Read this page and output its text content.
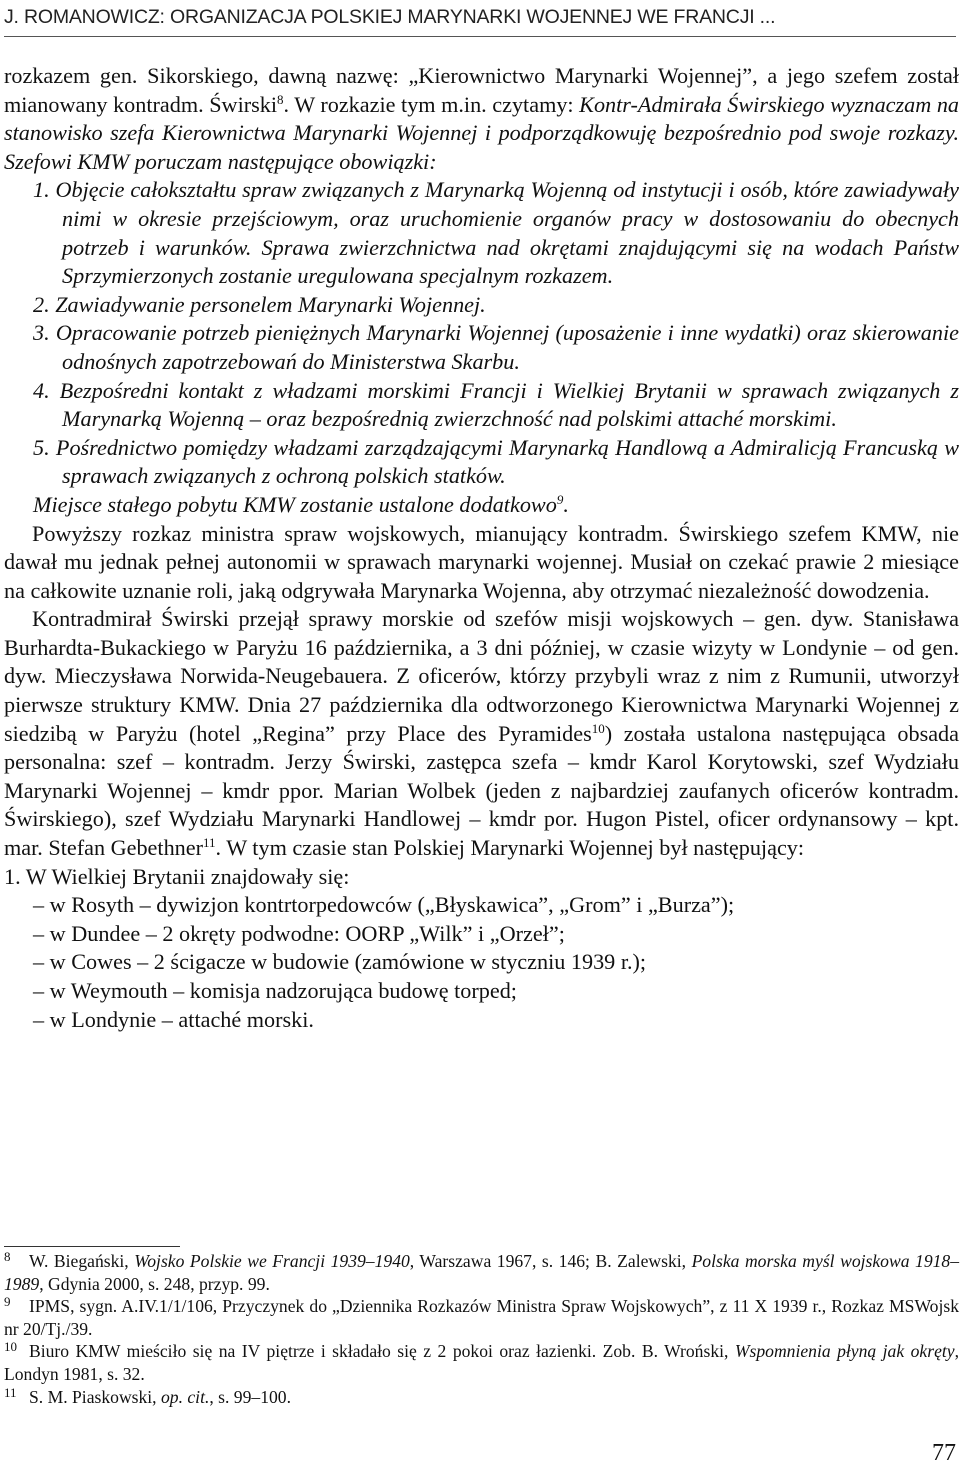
J. ROMANOWICZ: ORGANIZACJA POLSKIEJ MARYNARKI WOJENNEJ WE FRANCJI ...

rozkazem gen. Sikorskiego, dawną nazwę: „Kierownictwo Marynarki Wojennej”, a jego szefem został mianowany kontradm. Świrski$^8$. W rozkazie tym m.in. czytamy: Kontr-Admirała Świrskiego wyznaczam na stanowisko szefa Kierownictwa Marynarki Wojennej i podporządkowuję bezpośrednio pod swoje rozkazy. Szefowi KMW poruczam następujące obowiązki:

1. Objęcie całokształtu spraw związanych z Marynarką Wojenną od instytucji i osób, które zawiadywały nimi w okresie przejściowym, oraz uruchomienie organów pracy w dostosowaniu do obecnych potrzeb i warunków. Sprawa zwierzchnictwa nad okrętami znajdującymi się na wodach Państw Sprzymierzonych zostanie uregulowana specjalnym rozkazem.

2. Zawiadywanie personelem Marynarki Wojennej.

3. Opracowanie potrzeb pieniężnych Marynarki Wojennej (uposażenie i inne wydatki) oraz skierowanie odnośnych zapotrzebowań do Ministerstwa Skarbu.

4. Bezpośredni kontakt z władzami morskimi Francji i Wielkiej Brytanii w sprawach związanych z Marynarką Wojenną – oraz bezpośrednią zwierzchność nad polskimi attaché morskimi.

5. Pośrednictwo pomiędzy władzami zarządzającymi Marynarką Handlową a Admiralicją Francuską w sprawach związanych z ochroną polskich statków.

Miejsce stałego pobytu KMW zostanie ustalone dodatkowo$^9$.

Powyższy rozkaz ministra spraw wojskowych, mianujący kontradm. Świrskiego szefem KMW, nie dawał mu jednak pełnej autonomii w sprawach marynarki wojennej. Musiał on czekać prawie 2 miesiące na całkowite uznanie roli, jaką odgrywała Marynarka Wojenna, aby otrzymać niezależność dowodzenia.

Kontradmirał Świrski przejął sprawy morskie od szefów misji wojskowych – gen. dyw. Stanisława Burhardta-Bukackiego w Paryżu 16 października, a 3 dni później, w czasie wizyty w Londynie – od gen. dyw. Mieczysława Norwida-Neugebauera. Z oficerów, którzy przybyli wraz z nim z Rumunii, utworzył pierwsze struktury KMW. Dnia 27 października dla odtworzonego Kierownictwa Marynarki Wojennej z siedzibą w Paryżu (hotel „Regina” przy Place des Pyramides$^{10}$) została ustalona następująca obsada personalna: szef – kontradm. Jerzy Świrski, zastępca szefa – kmdr Karol Korytowski, szef Wydziału Marynarki Wojennej – kmdr ppor. Marian Wolbek (jeden z najbardziej zaufanych oficerów kontradm. Świrskiego), szef Wydziału Marynarki Handlowej – kmdr por. Hugon Pistel, oficer ordynansowy – kpt. mar. Stefan Gebethner$^{11}$. W tym czasie stan Polskiej Marynarki Wojennej był następujący:

1. W Wielkiej Brytanii znajdowały się:

– w Rosyth – dywizjon kontrtorpedowców („Błyskawica”, „Grom” i „Burza”);

– w Dundee – 2 okręty podwodne: OORP „Wilk” i „Orzeł”;

– w Cowes – 2 ścigacze w budowie (zamówione w styczniu 1939 r.);

– w Weymouth – komisja nadzorująca budowę torped;

– w Londynie – attaché morski.

8 W. Biegański, Wojsko Polskie we Francji 1939–1940, Warszawa 1967, s. 146; B. Zalewski, Polska morska myśl wojskowa 1918–1989, Gdynia 2000, s. 248, przyp. 99.

9 IPMS, sygn. A.IV.1/1/106, Przyczynek do „Dziennika Rozkazów Ministra Spraw Wojskowych”, z 11 X 1939 r., Rozkaz MSWojsk nr 20/Tj./39.

10 Biuro KMW mieściło się na IV piętrze i składało się z 2 pokoi oraz łazienki. Zob. B. Wroński, Wspomnienia płyną jak okręty, Londyn 1981, s. 32.

11 S. M. Piaskowski, op. cit., s. 99–100.

77
